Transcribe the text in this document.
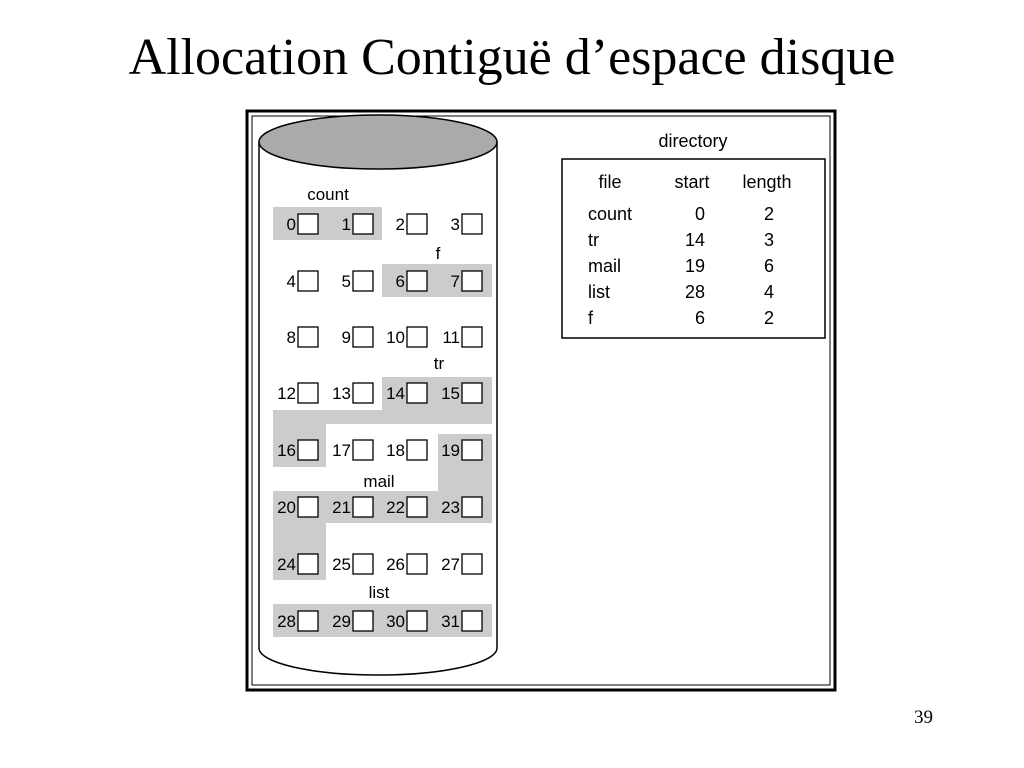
Allocation Contiguë d’espace disque
0	1	2	3
4	5	6	7
8	9 10 11
12 13 14 15
16 17 18 19
20 21 22 23
24 25 26 27
28 29 30 31
count
f
tr
mail
list
directory
file	start length
count	0	2
tr	14	3
mail	19	6
list	28	4
f	6	2
39
